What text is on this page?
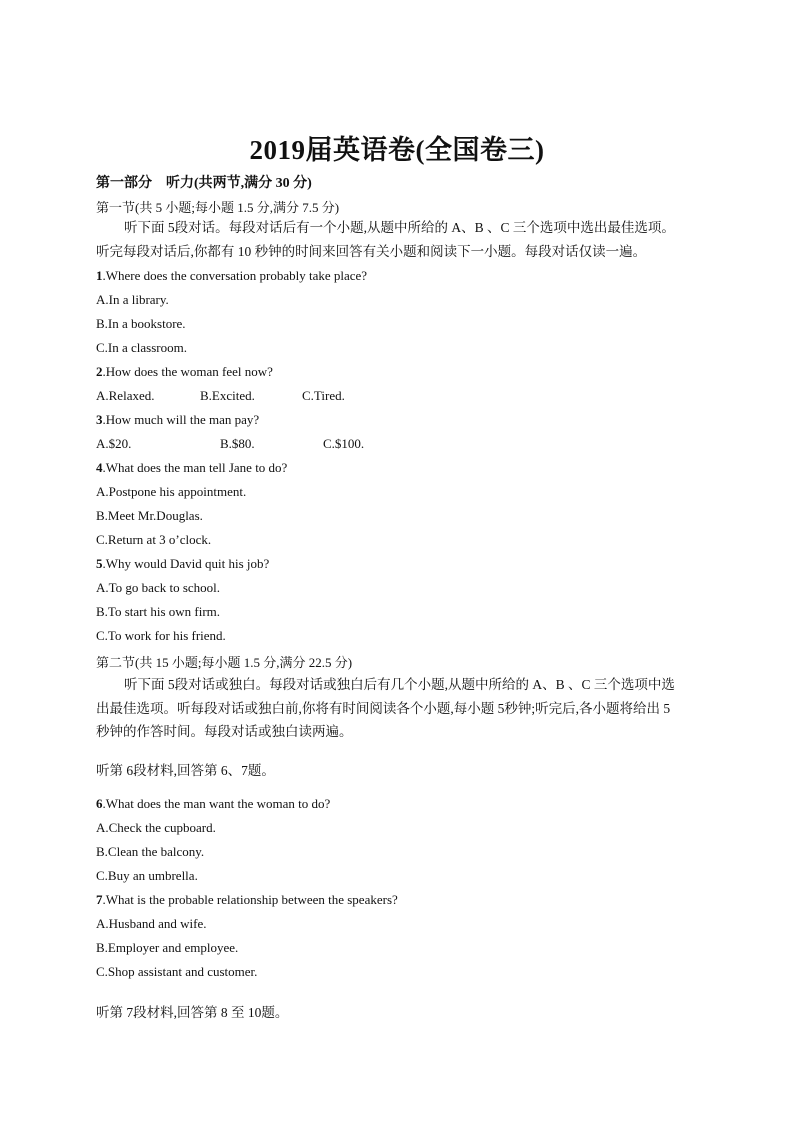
2019届英语卷(全国卷三)
第一部分　听力(共两节,满分 30 分)
第一节(共 5 小题;每小题 1.5 分,满分 7.5 分)
听下面 5段对话。每段对话后有一个小题,从题中所给的 A、B 、C 三个选项中选出最佳选项。
听完每段对话后,你都有 10 秒钟的时间来回答有关小题和阅读下一小题。每段对话仅读一遍。
1.Where does the conversation probably take place?
A.In a library.
B.In a bookstore.
C.In a classroom.
2.How does the woman feel now?
A.Relaxed.	B.Excited.	C.Tired.
3.How much will the man pay?
A.$20.	B.$80.	C.$100.
4.What does the man tell Jane to do?
A.Postpone his appointment.
B.Meet Mr.Douglas.
C.Return at 3 o’clock.
5.Why would David quit his job?
A.To go back to school.
B.To start his own firm.
C.To work for his friend.
第二节(共 15 小题;每小题 1.5 分,满分 22.5 分)
听下面 5段对话或独白。每段对话或独白后有几个小题,从题中所给的 A、B 、C 三个选项中选
出最佳选项。听每段对话或独白前,你将有时间阅读各个小题,每小题 5秒钟;听完后,各小题将给出 5
秒钟的作答时间。每段对话或独白读两遍。
听第 6段材料,回答第 6、7题。
6.What does the man want the woman to do?
A.Check the cupboard.
B.Clean the balcony.
C.Buy an umbrella.
7.What is the probable relationship between the speakers?
A.Husband and wife.
B.Employer and employee.
C.Shop assistant and customer.
听第 7段材料,回答第 8 至 10题。
